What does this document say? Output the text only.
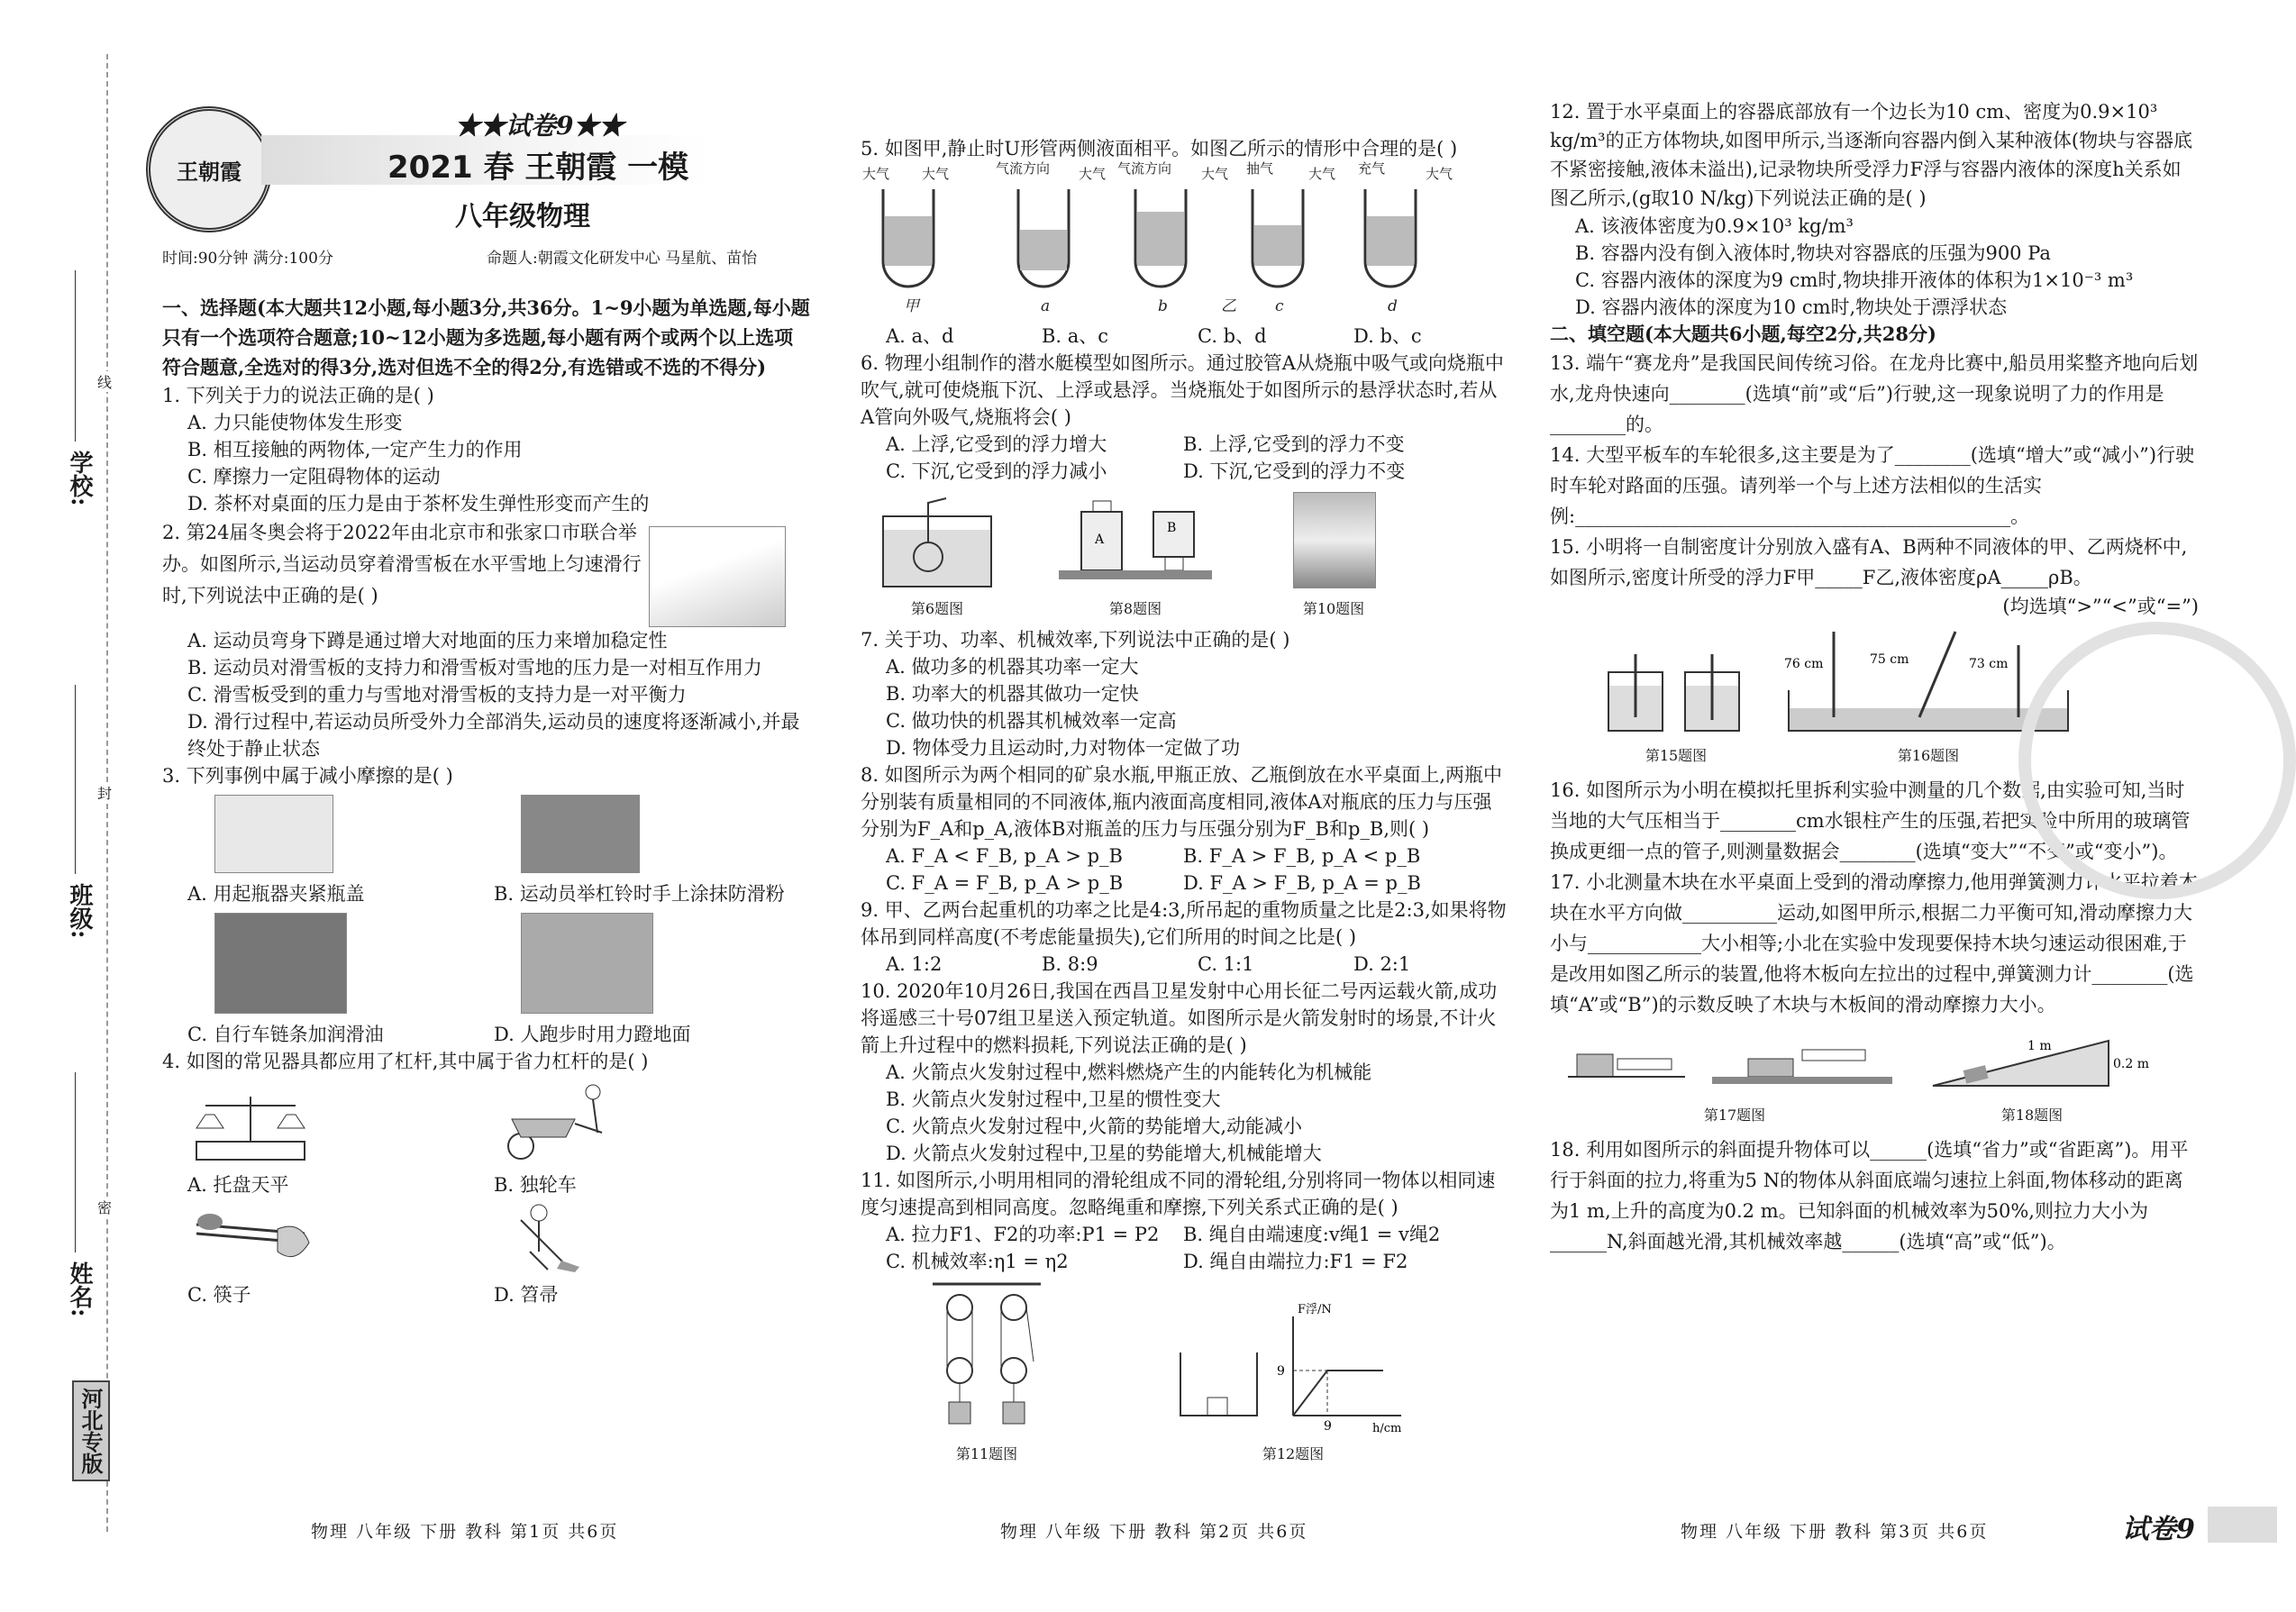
学校:
班级:
姓名:
线
封
密
河北专版
王朝霞
★★试卷9★★
2021 春 王朝霞 一模
八年级物理
时间:90分钟 满分:100分	命题人:朝霞文化研发中心 马星航、苗怡

一、选择题(本大题共12小题,每小题3分,共36分。1~9小题为单选题,每小题只有一个选项符合题意;10~12小题为多选题,每小题有两个或两个以上选项符合题意,全选对的得3分,选对但选不全的得2分,有选错或不选的不得分)

1. 下列关于力的说法正确的是( )

A. 力只能使物体发生形变

B. 相互接触的两物体,一定产生力的作用

C. 摩擦力一定阻碍物体的运动

D. 茶杯对桌面的压力是由于茶杯发生弹性形变而产生的

2. 第24届冬奥会将于2022年由北京市和张家口市联合举办。如图所示,当运动员穿着滑雪板在水平雪地上匀速滑行时,下列说法中正确的是( )

A. 运动员弯身下蹲是通过增大对地面的压力来增加稳定性

B. 运动员对滑雪板的支持力和滑雪板对雪地的压力是一对相互作用力

C. 滑雪板受到的重力与雪地对滑雪板的支持力是一对平衡力

D. 滑行过程中,若运动员所受外力全部消失,运动员的速度将逐渐减小,并最终处于静止状态

3. 下列事例中属于减小摩擦的是( )

A. 用起瓶器夹紧瓶盖	B. 运动员举杠铃时手上涂抹防滑粉

C. 自行车链条加润滑油	D. 人跑步时用力蹬地面

4. 如图的常见器具都应用了杠杆,其中属于省力杠杆的是( )

A. 托盘天平	B. 独轮车

C. 筷子	D. 笤帚

5. 如图甲,静止时U形管两侧液面相平。如图乙所示的情形中合理的是( )

大气 大气	气流方向 大气 气流方向 大气 抽气	大气 充气	大气
甲	a	b	乙	c	d
A. a、d	B. a、c	C. b、d	D. b、c

6. 物理小组制作的潜水艇模型如图所示。通过胶管A从烧瓶中吸气或向烧瓶中吹气,就可使烧瓶下沉、上浮或悬浮。当烧瓶处于如图所示的悬浮状态时,若从A管向外吸气,烧瓶将会( )

A. 上浮,它受到的浮力增大	B. 上浮,它受到的浮力不变
C. 下沉,它受到的浮力减小	D. 下沉,它受到的浮力不变
第6题图
A
B
第8题图	第10题图

7. 关于功、功率、机械效率,下列说法中正确的是( )

A. 做功多的机器其功率一定大

B. 功率大的机器其做功一定快

C. 做功快的机器其机械效率一定高

D. 物体受力且运动时,力对物体一定做了功

8. 如图所示为两个相同的矿泉水瓶,甲瓶正放、乙瓶倒放在水平桌面上,两瓶中分别装有质量相同的不同液体,瓶内液面高度相同,液体A对瓶底的压力与压强分别为F_A和p_A,液体B对瓶盖的压力与压强分别为F_B和p_B,则( )

A. F_A < F_B, p_A > p_B	B. F_A > F_B, p_A < p_B
C. F_A = F_B, p_A > p_B	D. F_A > F_B, p_A = p_B

9. 甲、乙两台起重机的功率之比是4:3,所吊起的重物质量之比是2:3,如果将物体吊到同样高度(不考虑能量损失),它们所用的时间之比是( )

A. 1:2	B. 8:9	C. 1:1	D. 2:1

10. 2020年10月26日,我国在西昌卫星发射中心用长征二号丙运载火箭,成功将遥感三十号07组卫星送入预定轨道。如图所示是火箭发射时的场景,不计火箭上升过程中的燃料损耗,下列说法正确的是( )

A. 火箭点火发射过程中,燃料燃烧产生的内能转化为机械能

B. 火箭点火发射过程中,卫星的惯性变大

C. 火箭点火发射过程中,火箭的势能增大,动能减小

D. 火箭点火发射过程中,卫星的势能增大,机械能增大

11. 如图所示,小明用相同的滑轮组成不同的滑轮组,分别将同一物体以相同速度匀速提高到相同高度。忽略绳重和摩擦,下列关系式正确的是( )

A. 拉力F1、F2的功率:P1 = P2	B. 绳自由端速度:v绳1 = v绳2
C. 机械效率:η1 = η2	D. 绳自由端拉力:F1 = F2
第11题图
9
9	h/cm
F浮/N
第12题图

12. 置于水平桌面上的容器底部放有一个边长为10 cm、密度为0.9×10³ kg/m³的正方体物块,如图甲所示,当逐渐向容器内倒入某种液体(物块与容器底不紧密接触,液体未溢出),记录物块所受浮力F浮与容器内液体的深度h关系如图乙所示,(g取10 N/kg)下列说法正确的是( )

A. 该液体密度为0.9×10³ kg/m³

B. 容器内没有倒入液体时,物块对容器底的压强为900 Pa

C. 容器内液体的深度为9 cm时,物块排开液体的体积为1×10⁻³ m³

D. 容器内液体的深度为10 cm时,物块处于漂浮状态

二、填空题(本大题共6小题,每空2分,共28分)

13. 端午“赛龙舟”是我国民间传统习俗。在龙舟比赛中,船员用桨整齐地向后划水,龙舟快速向________(选填“前”或“后”)行驶,这一现象说明了力的作用是________的。

14. 大型平板车的车轮很多,这主要是为了________(选填“增大”或“减小”)行驶时车轮对路面的压强。请列举一个与上述方法相似的生活实例:______________________________________________。

15. 小明将一自制密度计分别放入盛有A、B两种不同液体的甲、乙两烧杯中,如图所示,密度计所受的浮力F甲_____F乙,液体密度ρA_____ρB。

(均选填“>”“<”或“=”)

第15题图
76 cm	75 cm	73 cm
第16题图

16. 如图所示为小明在模拟托里拆利实验中测量的几个数据,由实验可知,当时当地的大气压相当于________cm水银柱产生的压强,若把实验中所用的玻璃管换成更细一点的管子,则测量数据会________(选填“变大”“不变”或“变小”)。

17. 小北测量木块在水平桌面上受到的滑动摩擦力,他用弹簧测力计水平拉着木块在水平方向做__________运动,如图甲所示,根据二力平衡可知,滑动摩擦力大小与____________大小相等;小北在实验中发现要保持木块匀速运动很困难,于是改用如图乙所示的装置,他将木板向左拉出的过程中,弹簧测力计________(选填“A”或“B”)的示数反映了木块与木板间的滑动摩擦力大小。

第17题图
1 m
0.2 m
第18题图

18. 利用如图所示的斜面提升物体可以______(选填“省力”或“省距离”)。用平行于斜面的拉力,将重为5 N的物体从斜面底端匀速拉上斜面,物体移动的距离为1 m,上升的高度为0.2 m。已知斜面的机械效率为50%,则拉力大小为______N,斜面越光滑,其机械效率越______(选填“高”或“低”)。

物理 八年级 下册 教科 第1页 共6页	物理 八年级 下册 教科 第2页 共6页	物理 八年级 下册 教科 第3页 共6页	试卷9
